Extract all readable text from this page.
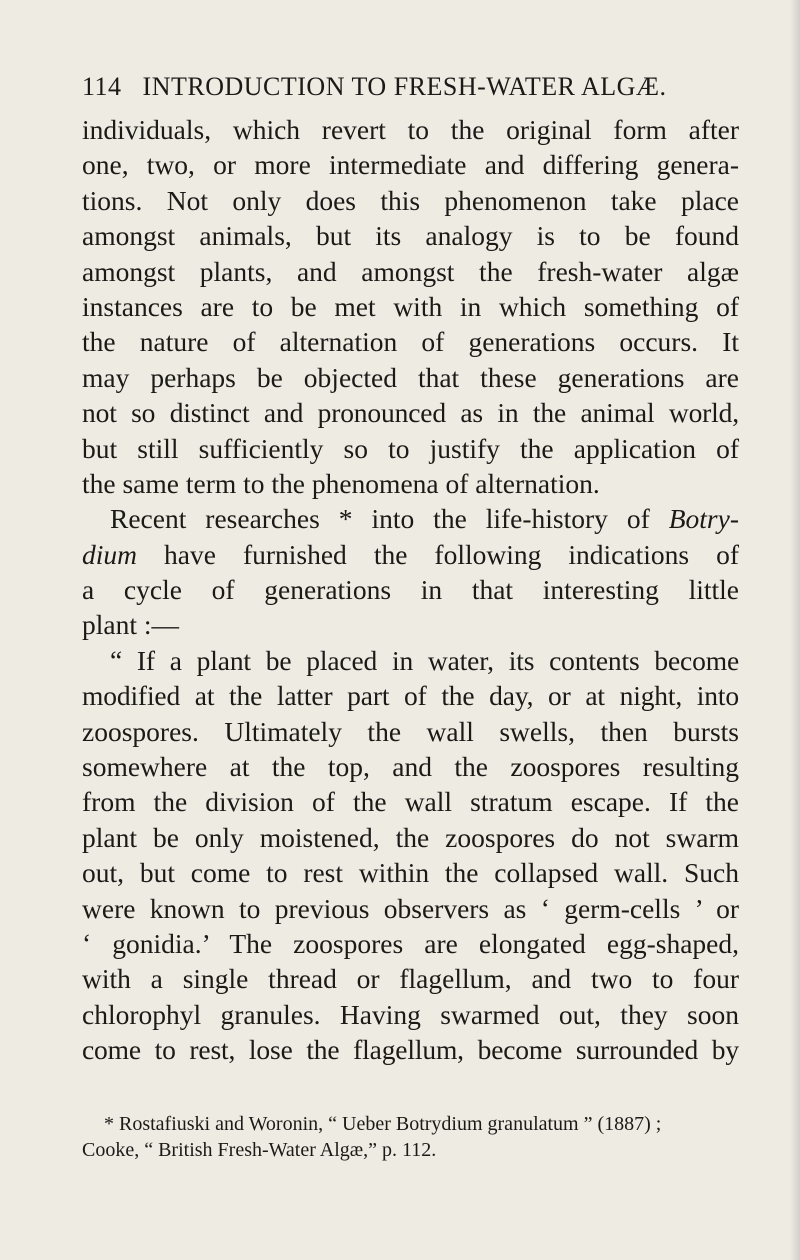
114 INTRODUCTION TO FRESH-WATER ALGÆ.
individuals, which revert to the original form after
one, two, or more intermediate and differing genera-
tions. Not only does this phenomenon take place
amongst animals, but its analogy is to be found
amongst plants, and amongst the fresh-water algæ
instances are to be met with in which something of
the nature of alternation of generations occurs. It
may perhaps be objected that these generations are
not so distinct and pronounced as in the animal world,
but still sufficiently so to justify the application of
the same term to the phenomena of alternation.
Recent researches * into the life-history of Botry-
dium have furnished the following indications of
a cycle of generations in that interesting little
plant :—
“ If a plant be placed in water, its contents become
modified at the latter part of the day, or at night, into
zoospores. Ultimately the wall swells, then bursts
somewhere at the top, and the zoospores resulting
from the division of the wall stratum escape. If the
plant be only moistened, the zoospores do not swarm
out, but come to rest within the collapsed wall. Such
were known to previous observers as ‘ germ-cells ’ or
‘ gonidia.’ The zoospores are elongated egg-shaped,
with a single thread or flagellum, and two to four
chlorophyl granules. Having swarmed out, they soon
come to rest, lose the flagellum, become surrounded by
* Rostafiuski and Woronin, “ Ueber Botrydium granulatum ” (1887) ;
Cooke, “ British Fresh-Water Algæ,” p. 112.
